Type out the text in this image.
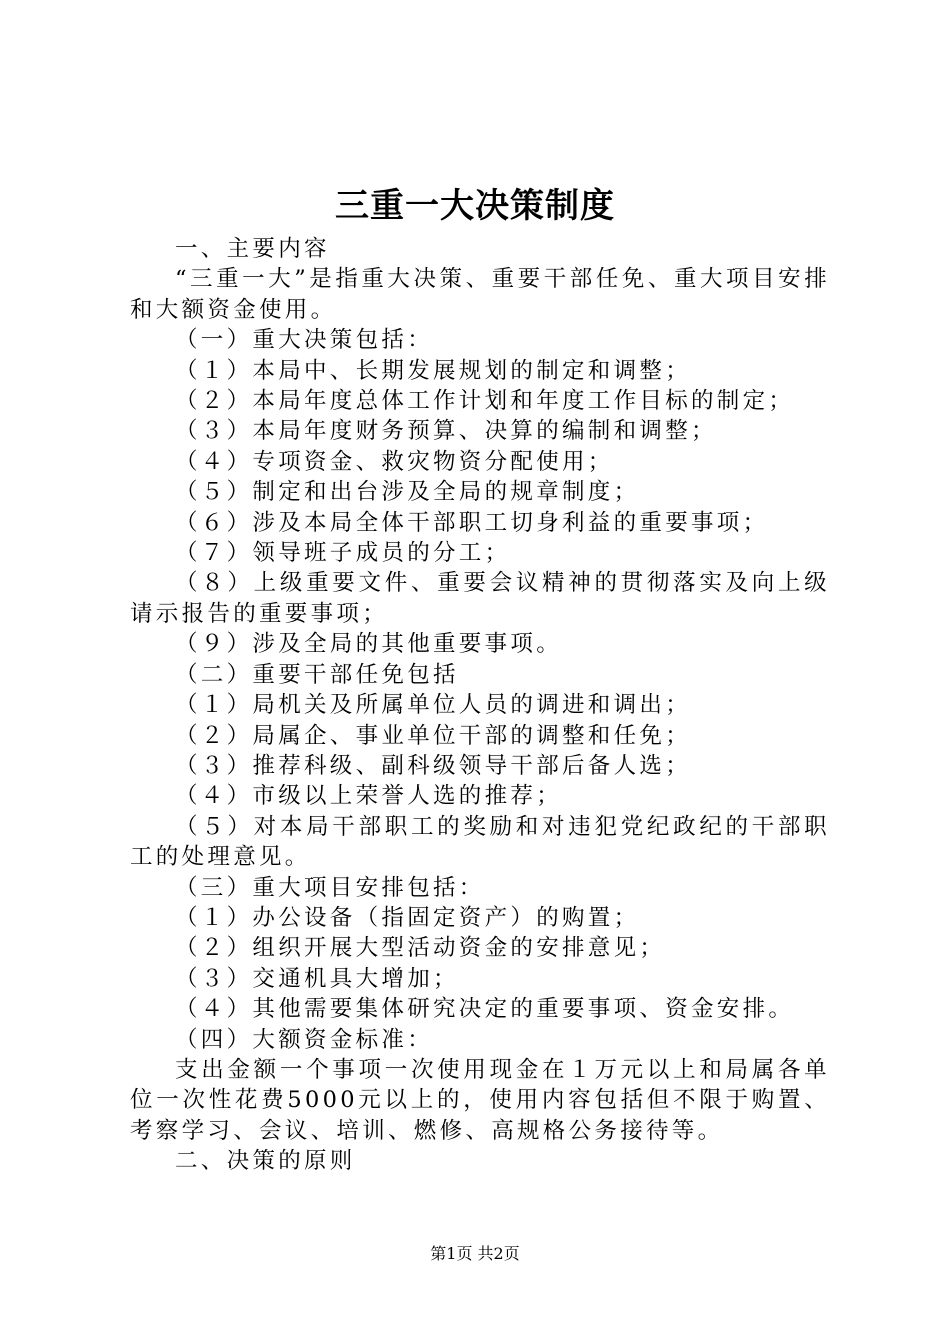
三重一大决策制度

一、主要内容

“三重一大”是指重大决策、重要干部任免、重大项目安排和大额资金使用。

（一）重大决策包括：

（１）本局中、长期发展规划的制定和调整；

（２）本局年度总体工作计划和年度工作目标的制定；

（３）本局年度财务预算、决算的编制和调整；

（４）专项资金、救灾物资分配使用；

（５）制定和出台涉及全局的规章制度；

（６）涉及本局全体干部职工切身利益的重要事项；

（７）领导班子成员的分工；

（８）上级重要文件、重要会议精神的贯彻落实及向上级请示报告的重要事项；

（９）涉及全局的其他重要事项。

（二）重要干部任免包括

（１）局机关及所属单位人员的调进和调出；

（２）局属企、事业单位干部的调整和任免；

（３）推荐科级、副科级领导干部后备人选；

（４）市级以上荣誉人选的推荐；

（５）对本局干部职工的奖励和对违犯党纪政纪的干部职工的处理意见。

（三）重大项目安排包括：

（１）办公设备（指固定资产）的购置；

（２）组织开展大型活动资金的安排意见；

（３）交通机具大增加；

（４）其他需要集体研究决定的重要事项、资金安排。

（四）大额资金标准：

支出金额一个事项一次使用现金在１万元以上和局属各单位一次性花费5000元以上的，使用内容包括但不限于购置、考察学习、会议、培训、燃修、高规格公务接待等。

二、决策的原则

第1页 共2页
